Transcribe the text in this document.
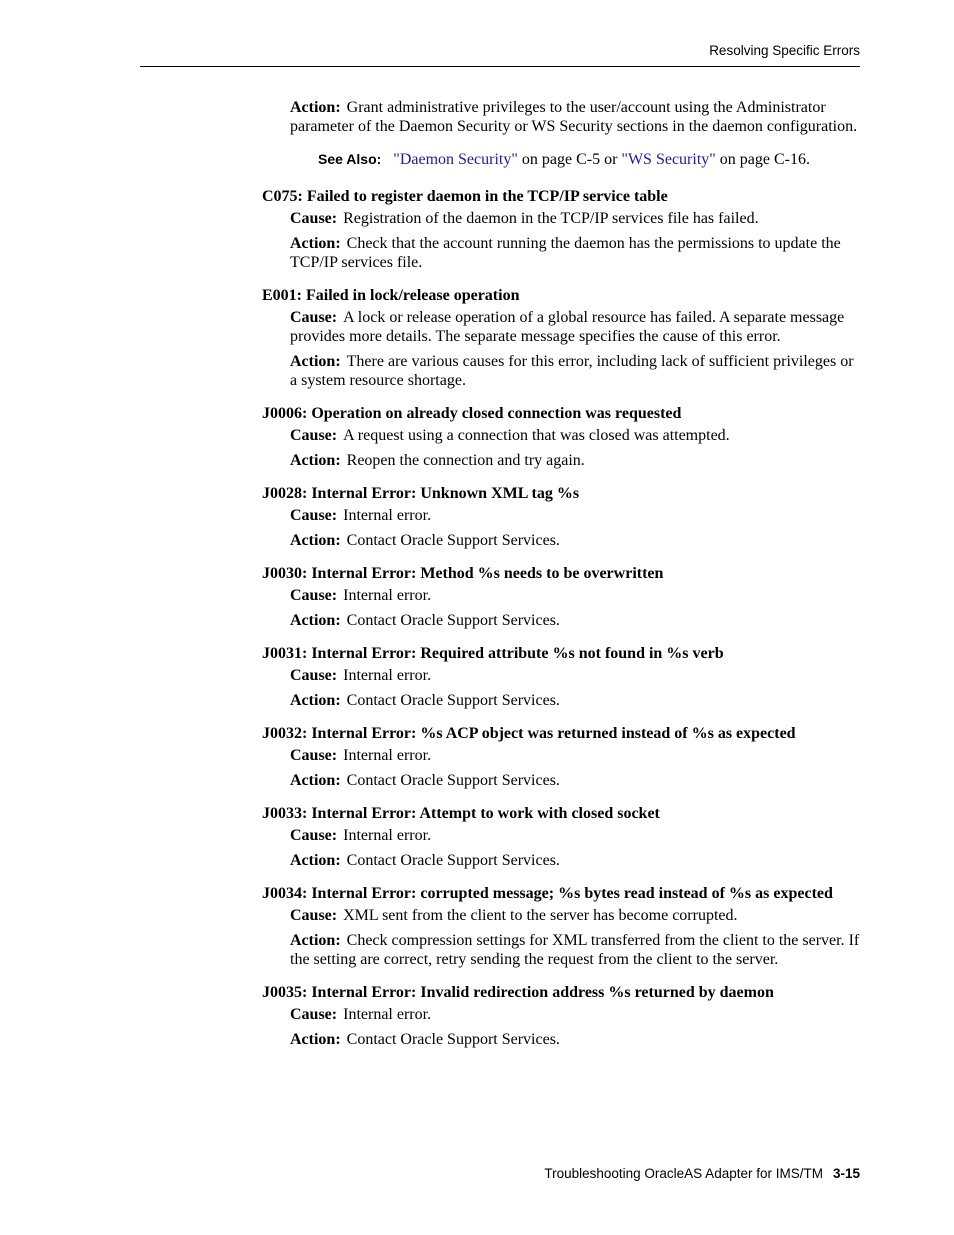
Resolving Specific Errors

Action: Grant administrative privileges to the user/account using the Administrator parameter of the Daemon Security or WS Security sections in the daemon configuration.

See Also: "Daemon Security" on page C-5 or "WS Security" on page C-16.
C075: Failed to register daemon in the TCP/IP service table

Cause: Registration of the daemon in the TCP/IP services file has failed.

Action: Check that the account running the daemon has the permissions to update the TCP/IP services file.

E001: Failed in lock/release operation

Cause: A lock or release operation of a global resource has failed. A separate message provides more details. The separate message specifies the cause of this error.

Action: There are various causes for this error, including lack of sufficient privileges or a system resource shortage.

J0006: Operation on already closed connection was requested

Cause: A request using a connection that was closed was attempted.

Action: Reopen the connection and try again.

J0028: Internal Error: Unknown XML tag %s

Cause: Internal error.

Action: Contact Oracle Support Services.

J0030: Internal Error: Method %s needs to be overwritten

Cause: Internal error.

Action: Contact Oracle Support Services.

J0031: Internal Error: Required attribute %s not found in %s verb

Cause: Internal error.

Action: Contact Oracle Support Services.

J0032: Internal Error: %s ACP object was returned instead of %s as expected

Cause: Internal error.

Action: Contact Oracle Support Services.

J0033: Internal Error: Attempt to work with closed socket

Cause: Internal error.

Action: Contact Oracle Support Services.

J0034: Internal Error: corrupted message; %s bytes read instead of %s as expected

Cause: XML sent from the client to the server has become corrupted.

Action: Check compression settings for XML transferred from the client to the server. If the setting are correct, retry sending the request from the client to the server.

J0035: Internal Error: Invalid redirection address %s returned by daemon

Cause: Internal error.

Action: Contact Oracle Support Services.

Troubleshooting OracleAS Adapter for IMS/TM 3-15
